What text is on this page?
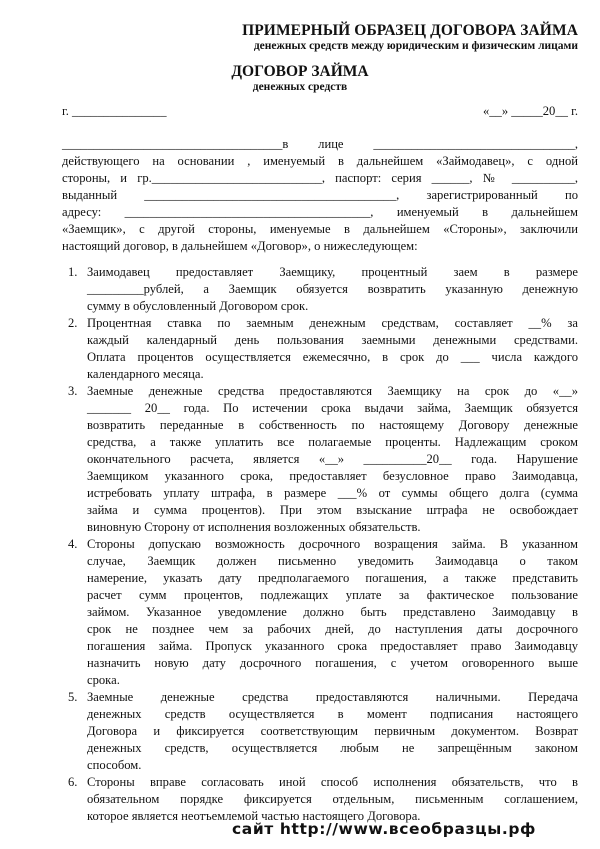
ПРИМЕРНЫЙ ОБРАЗЕЦ ДОГОВОРА ЗАЙМА
денежных средств между юридическим и физическим лицами
ДОГОВОР ЗАЙМА
денежных средств
г. _______________	«__» _____20__ г.
___________________________________в лице ________________________________,
действующего на основании , именуемый в дальнейшем «Займодавец», с одной
стороны, и гр.___________________________, паспорт: серия ______, № __________,
выданный ________________________________________, зарегистрированный по
адресу: _______________________________________, именуемый в дальнейшем
«Заемщик», с другой стороны, именуемые в дальнейшем «Стороны», заключили
настоящий договор, в дальнейшем «Договор», о нижеследующем:
1. Заимодавец предоставляет Заемщику, процентный заем в размере
_________рублей, а Заемщик обязуется возвратить указанную денежную
сумму в обусловленный Договором срок.
2. Процентная ставка по заемным денежным средствам, составляет __% за
каждый календарный день пользования заемными денежными средствами.
Оплата процентов осуществляется ежемесячно, в срок до ___ числа каждого
календарного месяца.
3. Заемные денежные средства предоставляются Заемщику на срок до «__»
_______ 20__ года. По истечении срока выдачи займа, Заемщик обязуется
возвратить переданные в собственность по настоящему Договору денежные
средства, а также уплатить все полагаемые проценты. Надлежащим сроком
окончательного расчета, является «__» __________20__ года. Нарушение
Заемщиком указанного срока, предоставляет безусловное право Заимодавца,
истребовать уплату штрафа, в размере ___% от суммы общего долга (сумма
займа и сумма процентов). При этом взыскание штрафа не освобождает
виновную Сторону от исполнения возложенных обязательств.
4. Стороны допускаю возможность досрочного возращения займа. В указанном
случае, Заемщик должен письменно уведомить Заимодавца о таком
намерение, указать дату предполагаемого погашения, а также представить
расчет сумм процентов, подлежащих уплате за фактическое пользование
займом. Указанное уведомление должно быть представлено Заимодавцу в
срок не позднее чем за рабочих дней, до наступления даты досрочного
погашения займа. Пропуск указанного срока предоставляет право Заимодавцу
назначить новую дату досрочного погашения, с учетом оговоренного выше
срока.
5. Заемные денежные средства предоставляются наличными. Передача
денежных средств осуществляется в момент подписания настоящего
Договора и фиксируется соответствующим первичным документом. Возврат
денежных средств, осуществляется любым не запрещённым законом
способом.
6. Стороны вправе согласовать иной способ исполнения обязательств, что в
обязательном порядке фиксируется отдельным, письменным соглашением,
которое является неотъемлемой частью настоящего Договора.
сайт http://www.всеобразцы.рф
